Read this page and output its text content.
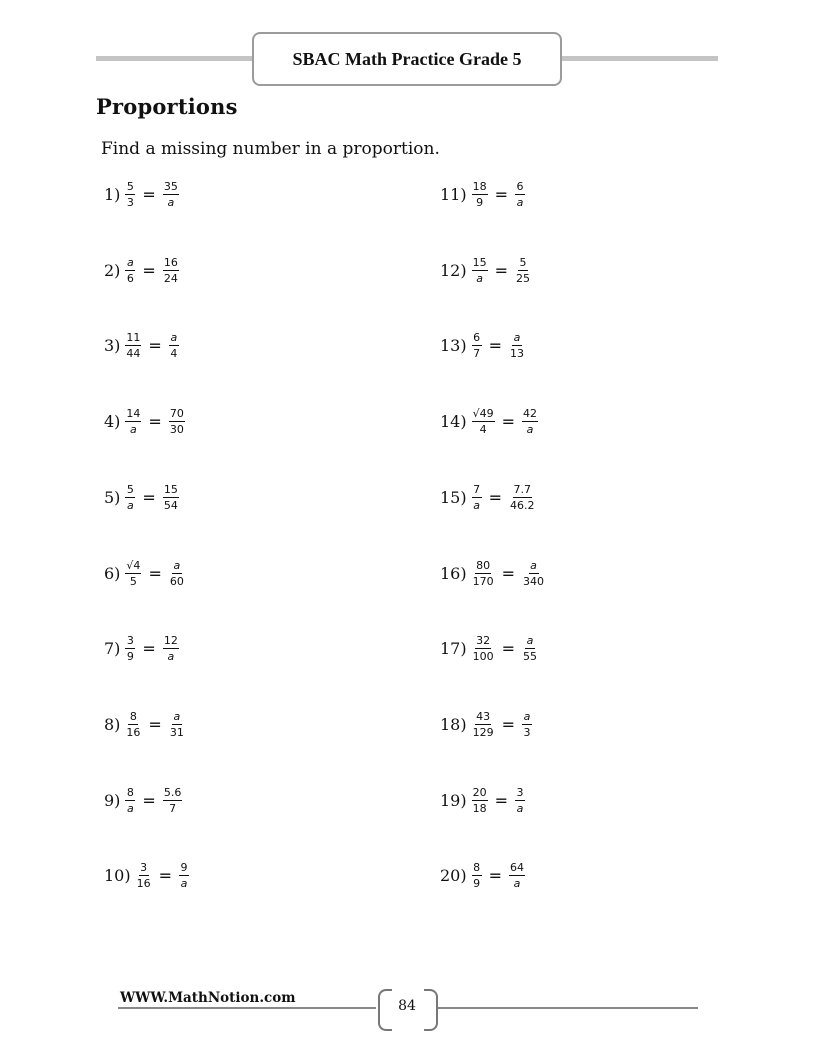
SBAC Math Practice Grade 5
Proportions
Find a missing number in a proportion.
$1) \frac{5}{3} = \frac{35}{a}$
$2) \frac{a}{6} = \frac{16}{24}$
$3) \frac{11}{44} = \frac{a}{4}$
$4) \frac{14}{a} = \frac{70}{30}$
$5) \frac{5}{a} = \frac{15}{54}$
$6) \frac{√4}{5} = \frac{a}{60}$
$7) \frac{3}{9} = \frac{12}{a}$
$8) \frac{8}{16} = \frac{a}{31}$
$9) \frac{8}{a} = \frac{5.6}{7}$
$10) \frac{3}{16} = \frac{9}{a}$
$11) \frac{18}{9} = \frac{6}{a}$
$12) \frac{15}{a} = \frac{5}{25}$
$13) \frac{6}{7} = \frac{a}{13}$
$14) \frac{√49}{4} = \frac{42}{a}$
$15) \frac{7}{a} = \frac{7.7}{46.2}$
$16) \frac{80}{170} = \frac{a}{340}$
$17) \frac{32}{100} = \frac{a}{55}$
$18) \frac{43}{129} = \frac{a}{3}$
$19) \frac{20}{18} = \frac{3}{a}$
$20) \frac{8}{9} = \frac{64}{a}$
WWW.MathNotion.com	84
